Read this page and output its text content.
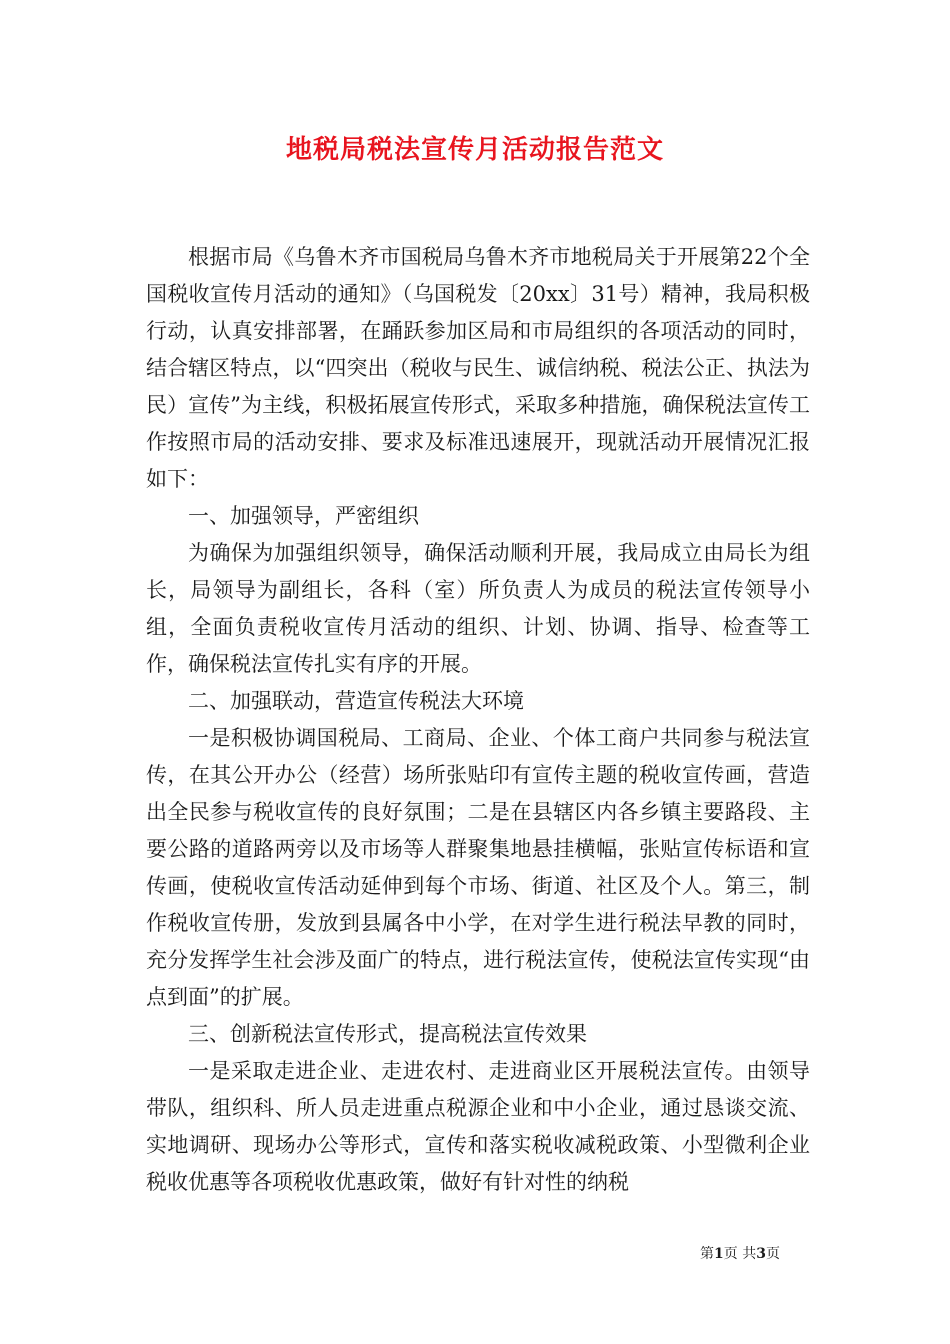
地税局税法宣传月活动报告范文

根据市局《乌鲁木齐市国税局乌鲁木齐市地税局关于开展第22个全国税收宣传月活动的通知》（乌国税发〔20xx〕31号）精神，我局积极行动，认真安排部署，在踊跃参加区局和市局组织的各项活动的同时，结合辖区特点，以“四突出（税收与民生、诚信纳税、税法公正、执法为民）宣传”为主线，积极拓展宣传形式，采取多种措施，确保税法宣传工作按照市局的活动安排、要求及标准迅速展开，现就活动开展情况汇报如下：

一、加强领导，严密组织

为确保为加强组织领导，确保活动顺利开展，我局成立由局长为组长，局领导为副组长，各科（室）所负责人为成员的税法宣传领导小组，全面负责税收宣传月活动的组织、计划、协调、指导、检查等工作，确保税法宣传扎实有序的开展。

二、加强联动，营造宣传税法大环境

一是积极协调国税局、工商局、企业、个体工商户共同参与税法宣传，在其公开办公（经营）场所张贴印有宣传主题的税收宣传画，营造出全民参与税收宣传的良好氛围；二是在县辖区内各乡镇主要路段、主要公路的道路两旁以及市场等人群聚集地悬挂横幅，张贴宣传标语和宣传画，使税收宣传活动延伸到每个市场、街道、社区及个人。第三，制作税收宣传册，发放到县属各中小学，在对学生进行税法早教的同时，充分发挥学生社会涉及面广的特点，进行税法宣传，使税法宣传实现“由点到面”的扩展。

三、创新税法宣传形式，提高税法宣传效果

一是采取走进企业、走进农村、走进商业区开展税法宣传。由领导带队，组织科、所人员走进重点税源企业和中小企业，通过恳谈交流、实地调研、现场办公等形式，宣传和落实税收减税政策、小型微利企业税收优惠等各项税收优惠政策，做好有针对性的纳税

第1页 共3页
